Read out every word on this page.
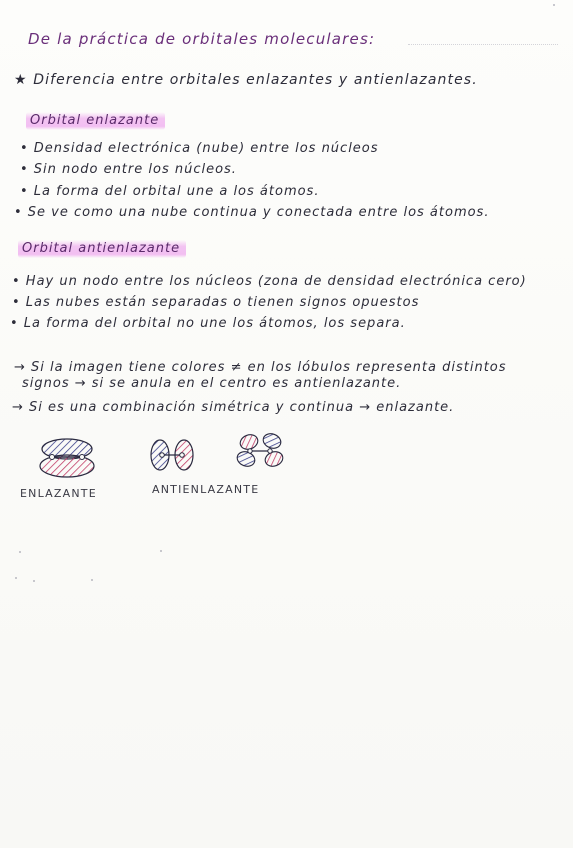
De la práctica de orbitales moleculares:
★ Diferencia entre orbitales enlazantes y antienlazantes.
Orbital enlazante
• Densidad electrónica (nube) entre los núcleos
• Sin nodo entre los núcleos.
• La forma del orbital une a los átomos.
• Se ve como una nube continua y conectada entre los átomos.
Orbital antienlazante
• Hay un nodo entre los núcleos (zona de densidad electrónica cero)
• Las nubes están separadas o tienen signos opuestos
• La forma del orbital no une los átomos, los separa.
→ Si la imagen tiene colores ≠ en los lóbulos representa distintos
signos → si se anula en el centro es antienlazante.
→ Si es una combinación simétrica y continua → enlazante.
ENLAZANTE	ANTIENLAZANTE
